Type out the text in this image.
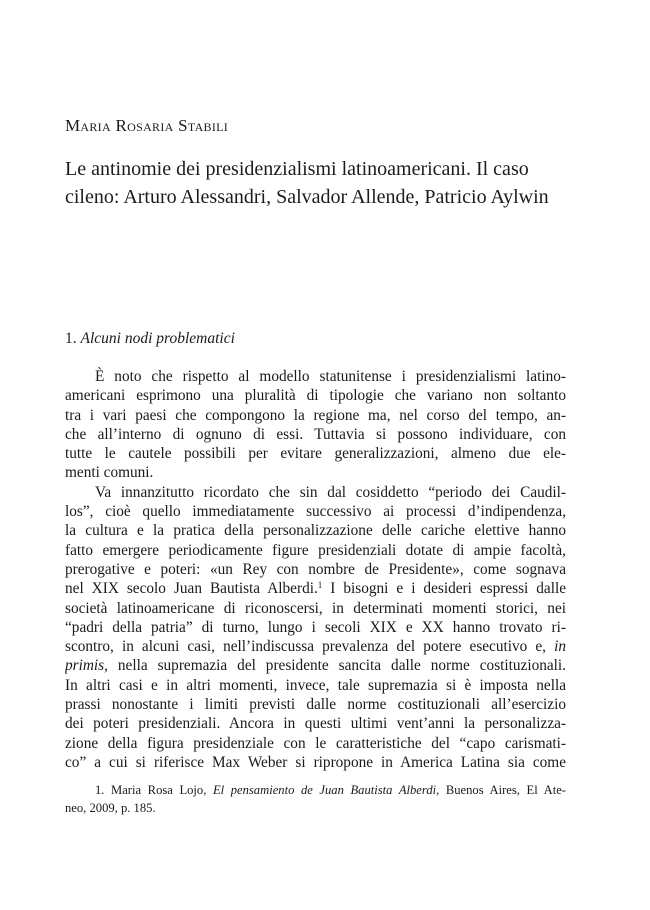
Maria Rosaria Stabili
Le antinomie dei presidenzialismi latinoamericani. Il caso
cileno: Arturo Alessandri, Salvador Allende, Patricio Aylwin
1. Alcuni nodi problematici
È noto che rispetto al modello statunitense i presidenzialismi latino-
americani esprimono una pluralità di tipologie che variano non soltanto
tra i vari paesi che compongono la regione ma, nel corso del tempo, an-
che all’interno di ognuno di essi. Tuttavia si possono individuare, con
tutte le cautele possibili per evitare generalizzazioni, almeno due ele-
menti comuni.
Va innanzitutto ricordato che sin dal cosiddetto “periodo dei Caudil-
los”, cioè quello immediatamente successivo ai processi d’indipendenza,
la cultura e la pratica della personalizzazione delle cariche elettive hanno
fatto emergere periodicamente figure presidenziali dotate di ampie facoltà,
prerogative e poteri: «un Rey con nombre de Presidente», come sognava
nel XIX secolo Juan Bautista Alberdi.$^1$ I bisogni e i desideri espressi dalle
società latinoamericane di riconoscersi, in determinati momenti storici, nei
“padri della patria” di turno, lungo i secoli XIX e XX hanno trovato ri-
scontro, in alcuni casi, nell’indiscussa prevalenza del potere esecutivo e, in
primis, nella supremazia del presidente sancita dalle norme costituzionali.
In altri casi e in altri momenti, invece, tale supremazia si è imposta nella
prassi nonostante i limiti previsti dalle norme costituzionali all’esercizio
dei poteri presidenziali. Ancora in questi ultimi vent’anni la personalizza-
zione della figura presidenziale con le caratteristiche del “capo carismati-
co” a cui si riferisce Max Weber si ripropone in America Latina sia come
1. Maria Rosa Lojo, El pensamiento de Juan Bautista Alberdi, Buenos Aires, El Ate-
neo, 2009, p. 185.
